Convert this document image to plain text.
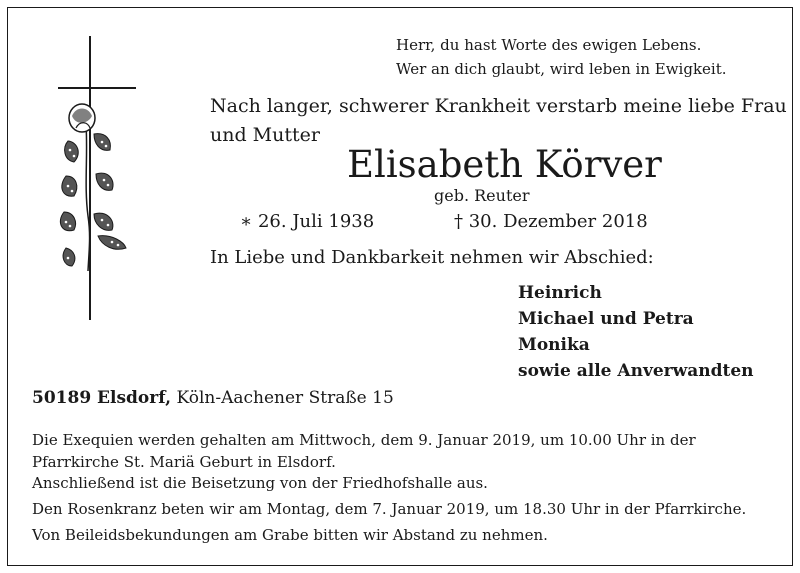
Herr, du hast Worte des ewigen Lebens.
Wer an dich glaubt, wird leben in Ewigkeit.
Nach langer, schwerer Krankheit verstarb meine liebe Frau
und Mutter
Elisabeth Körver
geb. Reuter
∗ 26. Juli 1938	† 30. Dezember 2018
In Liebe und Dankbarkeit nehmen wir Abschied:
Heinrich
Michael und Petra
Monika
sowie alle Anverwandten
50189 Elsdorf, Köln-Aachener Straße 15
Die Exequien werden gehalten am Mittwoch, dem 9. Januar 2019, um 10.00 Uhr in der
Pfarrkirche St. Mariä Geburt in Elsdorf.
Anschließend ist die Beisetzung von der Friedhofshalle aus.
Den Rosenkranz beten wir am Montag, dem 7. Januar 2019, um 18.30 Uhr in der Pfarrkirche.
Von Beileidsbekundungen am Grabe bitten wir Abstand zu nehmen.
